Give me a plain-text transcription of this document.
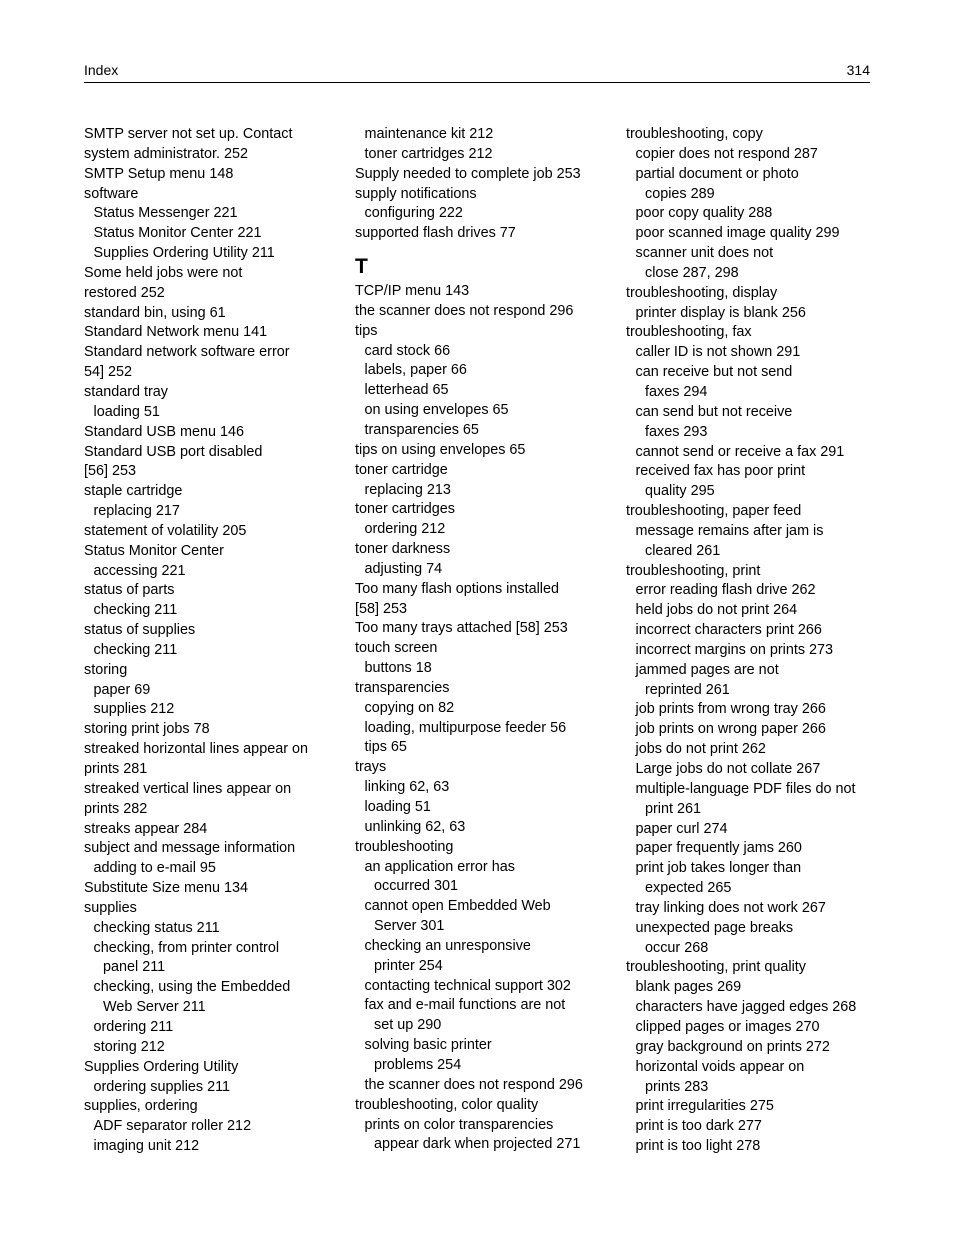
Index	314
SMTP server not set up. Contact
system administrator. 252
SMTP Setup menu 148
software
Status Messenger 221
Status Monitor Center 221
Supplies Ordering Utility 211
Some held jobs were not
restored 252
standard bin, using 61
Standard Network menu 141
Standard network software error
54] 252
standard tray
loading 51
Standard USB menu 146
Standard USB port disabled
[56] 253
staple cartridge
replacing 217
statement of volatility 205
Status Monitor Center
accessing 221
status of parts
checking 211
status of supplies
checking 211
storing
paper 69
supplies 212
storing print jobs 78
streaked horizontal lines appear on
prints 281
streaked vertical lines appear on
prints 282
streaks appear 284
subject and message information
adding to e-mail 95
Substitute Size menu 134
supplies
checking status 211
checking, from printer control
panel 211
checking, using the Embedded
Web Server 211
ordering 211
storing 212
Supplies Ordering Utility
ordering supplies 211
supplies, ordering
ADF separator roller 212
imaging unit 212
maintenance kit 212
toner cartridges 212
Supply needed to complete job 253
supply notifications
configuring 222
supported flash drives 77
T
TCP/IP menu 143
the scanner does not respond 296
tips
card stock 66
labels, paper 66
letterhead 65
on using envelopes 65
transparencies 65
tips on using envelopes 65
toner cartridge
replacing 213
toner cartridges
ordering 212
toner darkness
adjusting 74
Too many flash options installed
[58] 253
Too many trays attached [58] 253
touch screen
buttons 18
transparencies
copying on 82
loading, multipurpose feeder 56
tips 65
trays
linking 62, 63
loading 51
unlinking 62, 63
troubleshooting
an application error has
occurred 301
cannot open Embedded Web
Server 301
checking an unresponsive
printer 254
contacting technical support 302
fax and e-mail functions are not
set up 290
solving basic printer
problems 254
the scanner does not respond 296
troubleshooting, color quality
prints on color transparencies
appear dark when projected 271
troubleshooting, copy
copier does not respond 287
partial document or photo
copies 289
poor copy quality 288
poor scanned image quality 299
scanner unit does not
close 287, 298
troubleshooting, display
printer display is blank 256
troubleshooting, fax
caller ID is not shown 291
can receive but not send
faxes 294
can send but not receive
faxes 293
cannot send or receive a fax 291
received fax has poor print
quality 295
troubleshooting, paper feed
message remains after jam is
cleared 261
troubleshooting, print
error reading flash drive 262
held jobs do not print 264
incorrect characters print 266
incorrect margins on prints 273
jammed pages are not
reprinted 261
job prints from wrong tray 266
job prints on wrong paper 266
jobs do not print 262
Large jobs do not collate 267
multiple-language PDF files do not
print 261
paper curl 274
paper frequently jams 260
print job takes longer than
expected 265
tray linking does not work 267
unexpected page breaks
occur 268
troubleshooting, print quality
blank pages 269
characters have jagged edges 268
clipped pages or images 270
gray background on prints 272
horizontal voids appear on
prints 283
print irregularities 275
print is too dark 277
print is too light 278
